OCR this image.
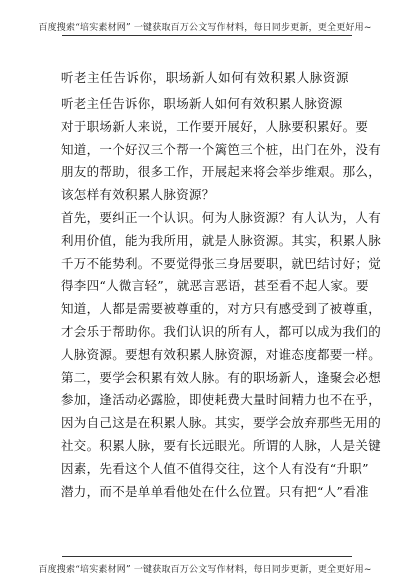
百度搜索“培实素材网” 一键获取百万公文写作材料，每日同步更新，更全更好用~
听老主任告诉你，职场新人如何有效积累人脉资源

听老主任告诉你，职场新人如何有效积累人脉资源

对于职场新人来说，工作要开展好，人脉要积累好。要

知道，一个好汉三个帮一个篱笆三个桩，出门在外，没有

朋友的帮助，很多工作，开展起来将会举步维艰。那么，

该怎样有效积累人脉资源？

首先，要纠正一个认识。何为人脉资源？有人认为，人有

利用价值，能为我所用，就是人脉资源。其实，积累人脉

千万不能势利。不要觉得张三身居要职，就巴结讨好；觉

得李四“人微言轻”，就恶言恶语，甚至看不起人家。要

知道，人都是需要被尊重的，对方只有感受到了被尊重，

才会乐于帮助你。我们认识的所有人，都可以成为我们的

人脉资源。要想有效积累人脉资源，对谁态度都要一样。

第二，要学会积累有效人脉。有的职场新人，逢聚会必想

参加，逢活动必露脸，即使耗费大量时间精力也不在乎，

因为自己这是在积累人脉。其实，要学会放弃那些无用的

社交。积累人脉，要有长远眼光。所谓的人脉，人是关键

因素，先看这个人值不值得交往，这个人有没有“升职”

潜力，而不是单单看他处在什么位置。只有把“人”看准

百度搜索“培实素材网” 一键获取百万公文写作材料，每日同步更新，更全更好用~
